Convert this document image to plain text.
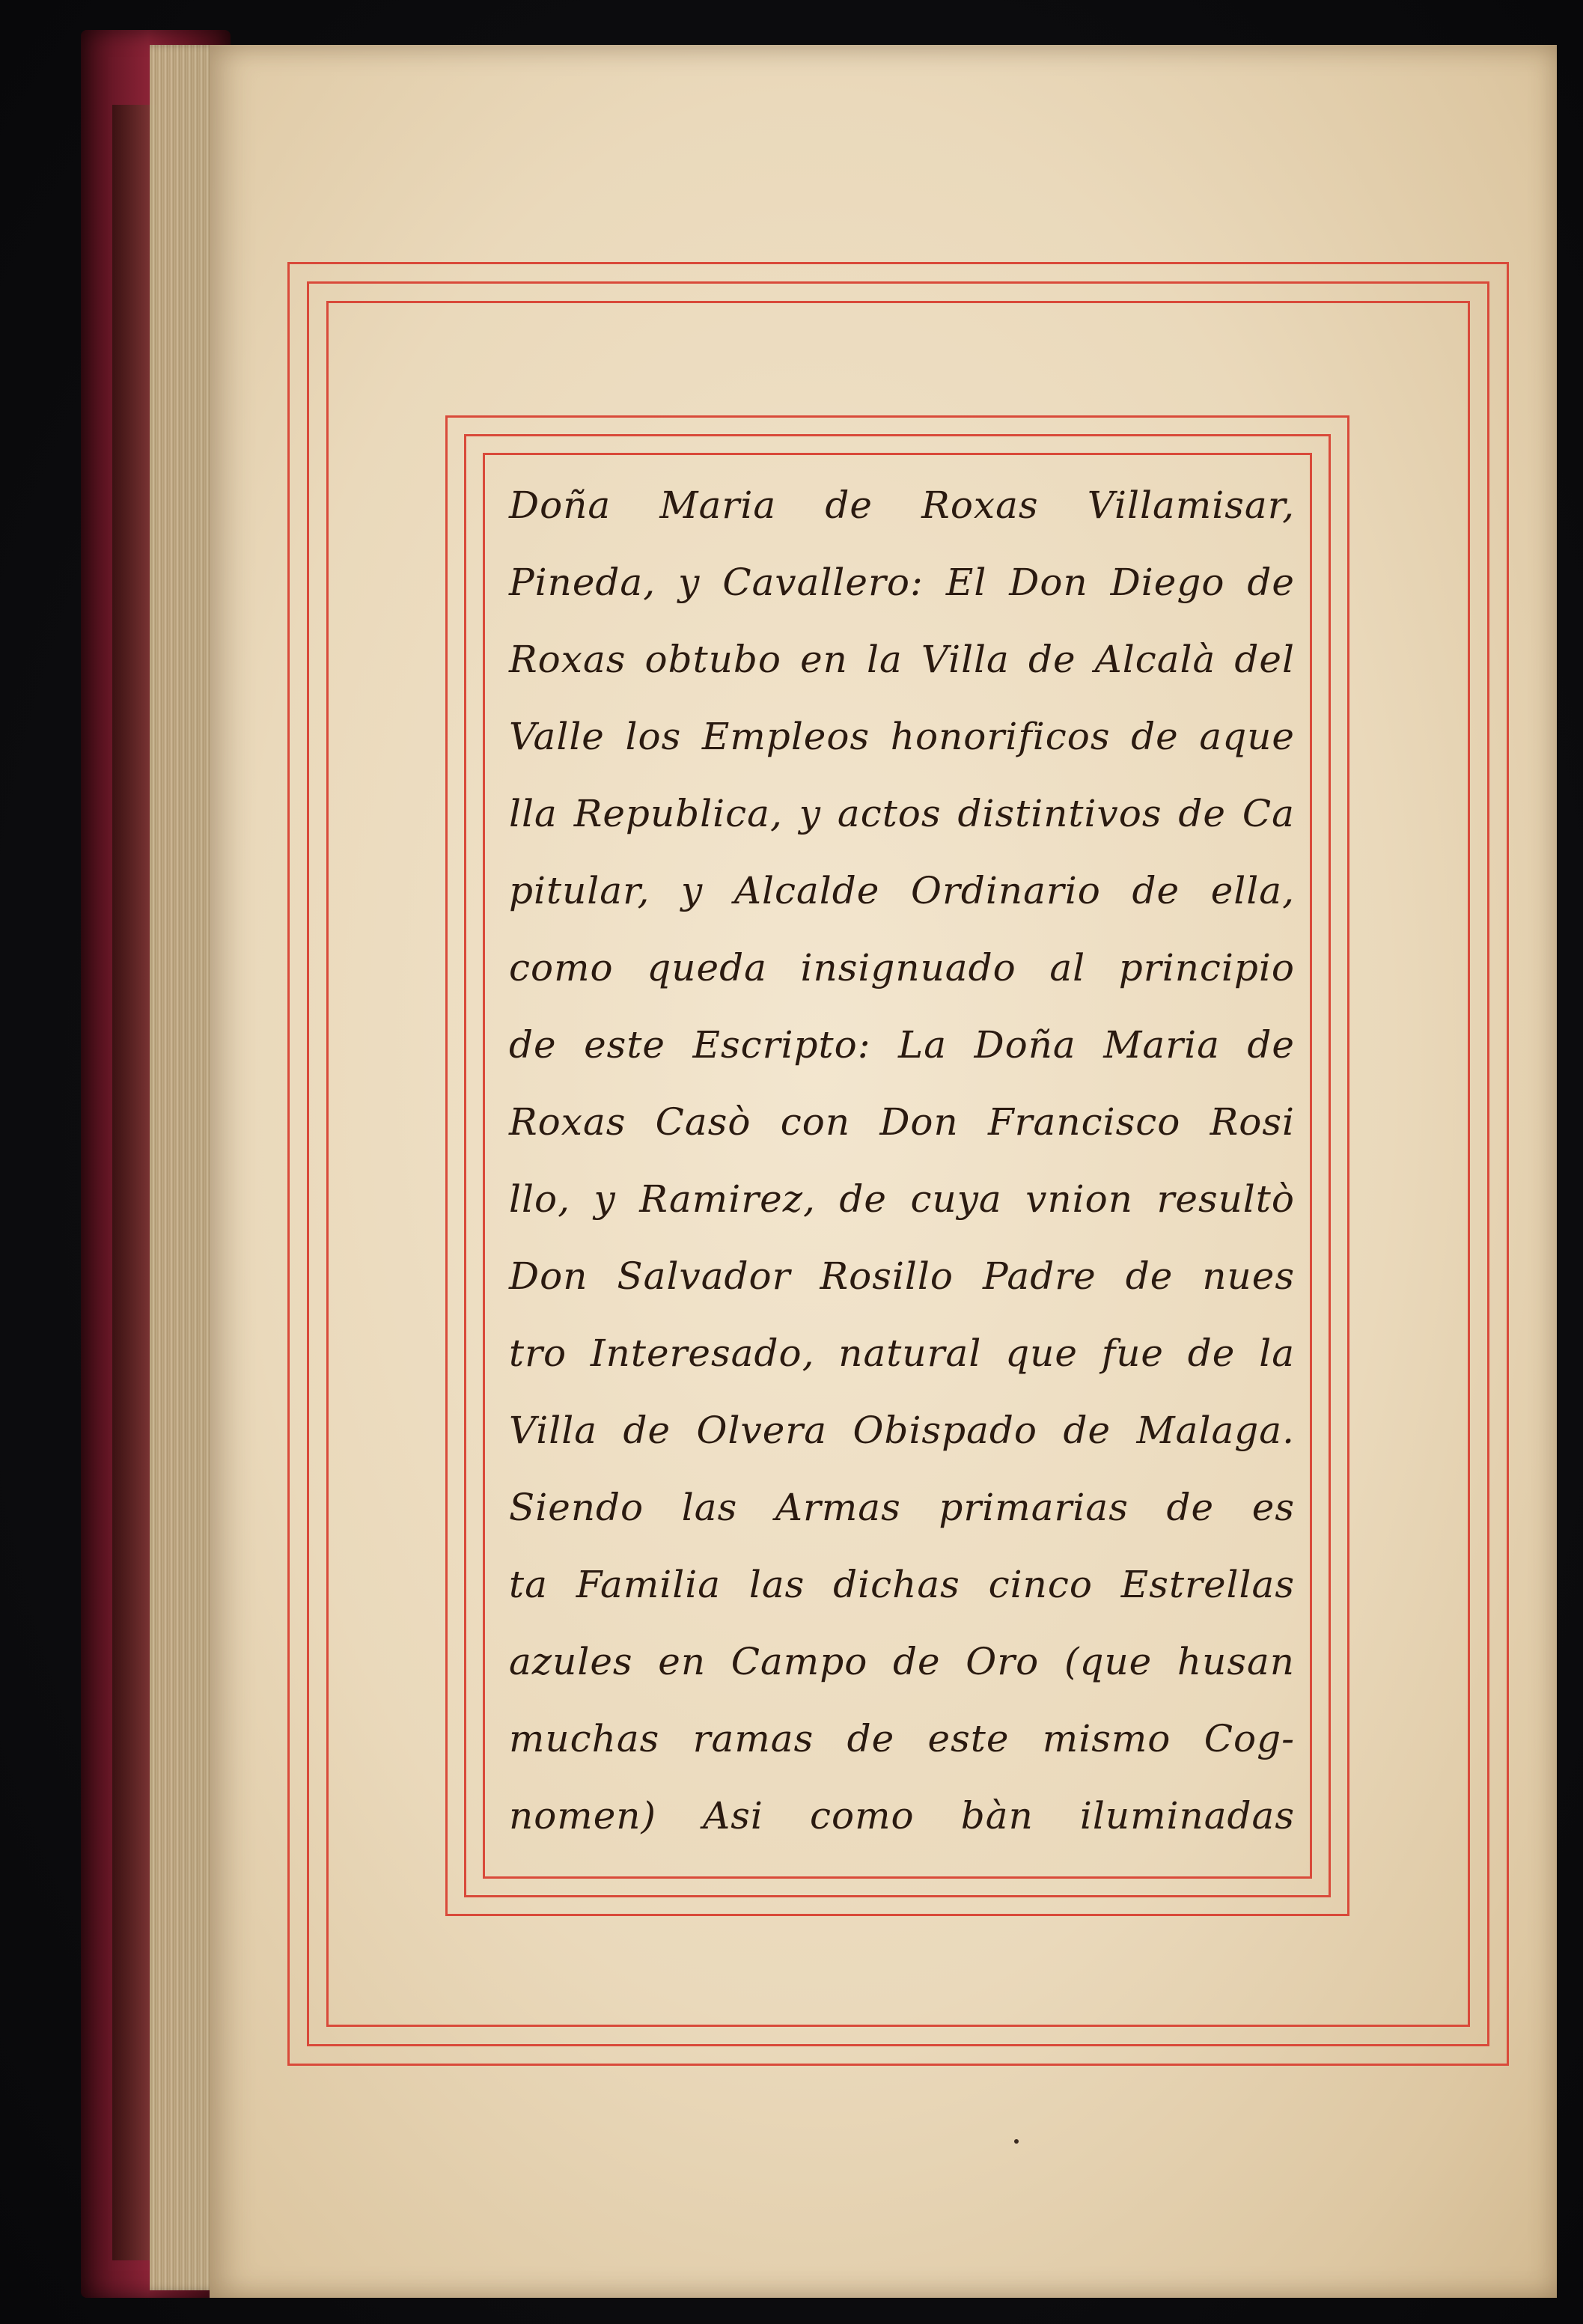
Doña Maria de Roxas Villamisar,
Pineda, y Cavallero: El Don Diego de
Roxas obtubo en la Villa de Alcalà del
Valle los Empleos honorificos de aque
lla Republica, y actos distintivos de Ca
pitular, y Alcalde Ordinario de ella,
como queda insignuado al principio
de este Escripto: La Doña Maria de
Roxas Casò con Don Francisco Rosi
llo, y Ramirez, de cuya vnion resultò
Don Salvador Rosillo Padre de nues
tro Interesado, natural que fue de la
Villa de Olvera Obispado de Malaga.
Siendo las Armas primarias de es
ta Familia las dichas cinco Estrellas
azules en Campo de Oro (que husan
muchas ramas de este mismo Cog-
nomen) Asi como bàn iluminadas
